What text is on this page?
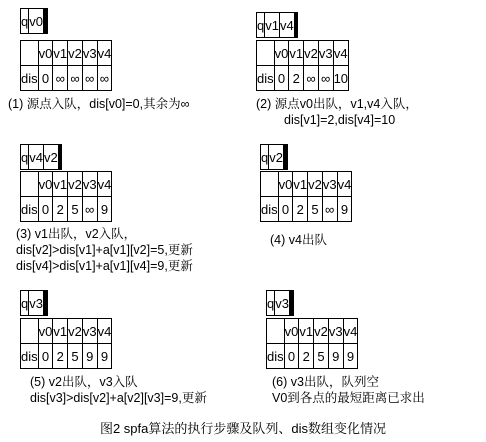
q	v0				
	v0	v1	v2	v3	v4
dis	0	∞	∞	∞	∞
(1) 源点入队，dis[v0]=0,其余为∞
q	v1	v4			
	v0	v1	v2	v3	v4
dis	0	2	∞	∞	10
(2) 源点v0出队，v1,v4入队，
dis[v1]=2,dis[v4]=10
q	v4	v2			
	v0	v1	v2	v3	v4
dis	0	2	5	∞	9
(3) v1出队，v2入队，
dis[v2]>dis[v1]+a[v1][v2]=5,更新
dis[v4]>dis[v1]+a[v1][v4]=9,更新
q	v2				
	v0	v1	v2	v3	v4
dis	0	2	5	∞	9
(4) v4出队
q	v3				
	v0	v1	v2	v3	v4
dis	0	2	5	9	9
(5) v2出队，v3入队
dis[v3]>dis[v2]+a[v2][v3]=9,更新
q	v3				
	v0	v1	v2	v3	v4
dis	0	2	5	9	9
(6) v3出队，队列空
V0到各点的最短距离已求出
图2 spfa算法的执行步骤及队列、dis数组变化情况
